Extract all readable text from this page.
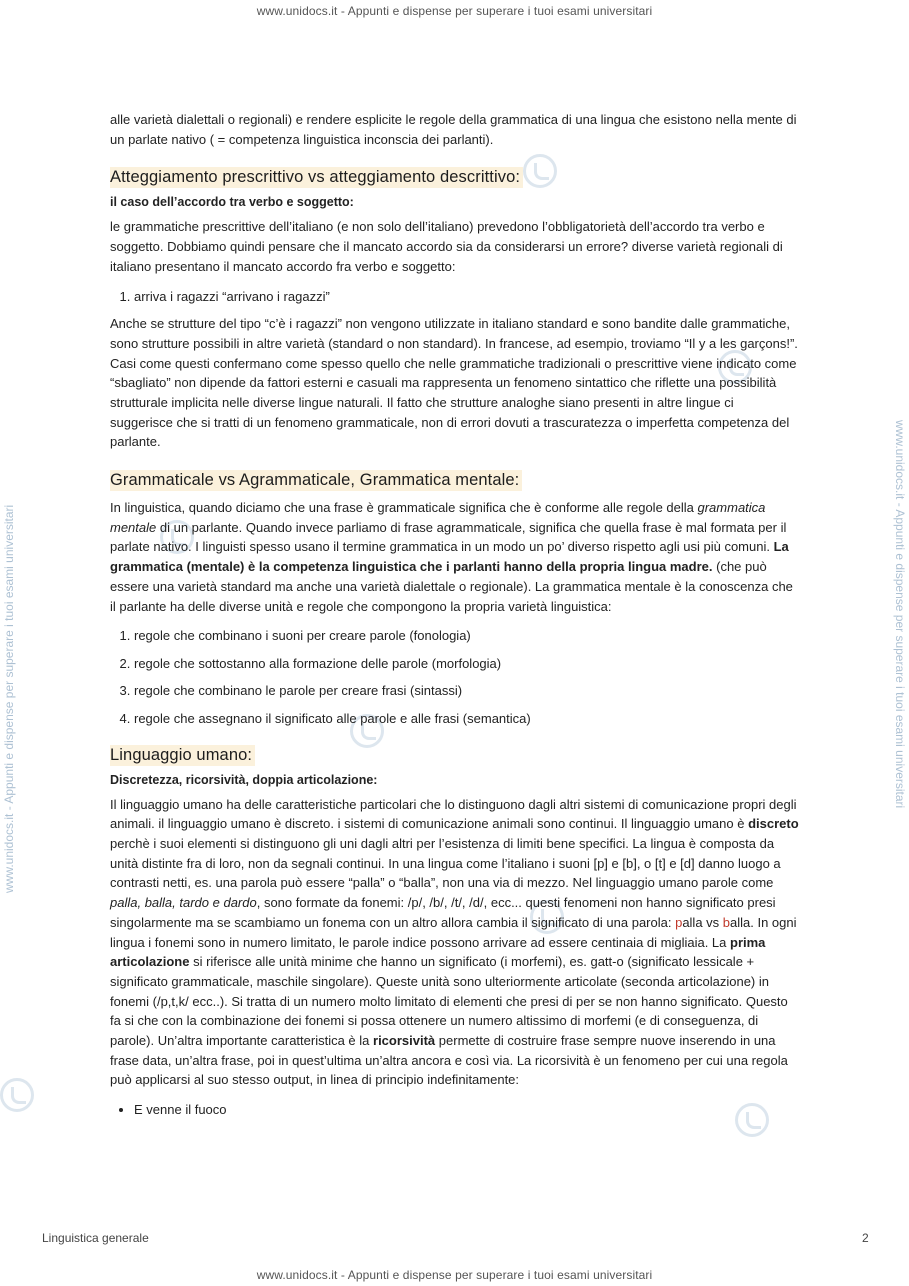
www.unidocs.it - Appunti e dispense per superare i tuoi esami universitari
www.unidocs.it - Appunti e dispense per superare i tuoi esami universitari	www.unidocs.it - Appunti e dispense per superare i tuoi esami universitari

alle varietà dialettali o regionali) e rendere esplicite le regole della grammatica di una lingua che esistono nella mente di un parlate nativo ( = competenza linguistica inconscia dei parlanti).

Atteggiamento prescrittivo vs atteggiamento descrittivo:
il caso dell’accordo tra verbo e soggetto:

le grammatiche prescrittive dell’italiano (e non solo dell’italiano) prevedono l’obbligatorietà dell’accordo tra verbo e soggetto. Dobbiamo quindi pensare che il mancato accordo sia da considerarsi un errore? diverse varietà regionali di italiano presentano il mancato accordo fra verbo e soggetto:

1. arriva i ragazzi “arrivano i ragazzi”

Anche se strutture del tipo “c’è i ragazzi” non vengono utilizzate in italiano standard e sono bandite dalle grammatiche, sono strutture possibili in altre varietà (standard o non standard). In francese, ad esempio, troviamo “Il y a les garçons!”. Casi come questi confermano come spesso quello che nelle grammatiche tradizionali o prescrittive viene indicato come “sbagliato” non dipende da fattori esterni e casuali ma rappresenta un fenomeno sintattico che riflette una possibilità strutturale implicita nelle diverse lingue naturali. Il fatto che strutture analoghe siano presenti in altre lingue ci suggerisce che si tratti di un fenomeno grammaticale, non di errori dovuti a trascuratezza o imperfetta competenza del parlante.

Grammaticale vs Agrammaticale, Grammatica mentale:

In linguistica, quando diciamo che una frase è grammaticale significa che è conforme alle regole della grammatica mentale di un parlante. Quando invece parliamo di frase agrammaticale, significa che quella frase è mal formata per il parlate nativo. I linguisti spesso usano il termine grammatica in un modo un po’ diverso rispetto agli usi più comuni. La grammatica (mentale) è la competenza linguistica che i parlanti hanno della propria lingua madre. (che può essere una varietà standard ma anche una varietà dialettale o regionale). La grammatica mentale è la conoscenza che il parlante ha delle diverse unità e regole che compongono la propria varietà linguistica:

1. regole che combinano i suoni per creare parole (fonologia)
2. regole che sottostanno alla formazione delle parole (morfologia)
3. regole che combinano le parole per creare frasi (sintassi)
4. regole che assegnano il significato alle parole e alle frasi (semantica)
Linguaggio umano:
Discretezza, ricorsività, doppia articolazione:

Il linguaggio umano ha delle caratteristiche particolari che lo distinguono dagli altri sistemi di comunicazione propri degli animali. il linguaggio umano è discreto. i sistemi di comunicazione animali sono continui. Il linguaggio umano è discreto perchè i suoi elementi si distinguono gli uni dagli altri per l’esistenza di limiti bene specifici. La lingua è composta da unità distinte fra di loro, non da segnali continui. In una lingua come l’italiano i suoni [p] e [b], o [t] e [d] danno luogo a contrasti netti, es. una parola può essere “palla” o “balla”, non una via di mezzo. Nel linguaggio umano parole come palla, balla, tardo e dardo, sono formate da fonemi: /p/, /b/, /t/, /d/, ecc... questi fenomeni non hanno significato presi singolarmente ma se scambiamo un fonema con un altro allora cambia il significato di una parola: palla vs balla. In ogni lingua i fonemi sono in numero limitato, le parole indice possono arrivare ad essere centinaia di migliaia. La prima articolazione si riferisce alle unità minime che hanno un significato (i morfemi), es. gatt-o (significato lessicale + significato grammaticale, maschile singolare). Queste unità sono ulteriormente articolate (seconda articolazione) in fonemi (/p,t,k/ ecc..). Si tratta di un numero molto limitato di elementi che presi di per se non hanno significato. Questo fa si che con la combinazione dei fonemi si possa ottenere un numero altissimo di morfemi (e di conseguenza, di parole). Un’altra importante caratteristica è la ricorsività permette di costruire frase sempre nuove inserendo in una frase data, un’altra frase, poi in quest’ultima un’altra ancora e così via. La ricorsività è un fenomeno per cui una regola può applicarsi al suo stesso output, in linea di principio indefinitamente:

• E venne il fuoco
Linguistica generale	2
www.unidocs.it - Appunti e dispense per superare i tuoi esami universitari
